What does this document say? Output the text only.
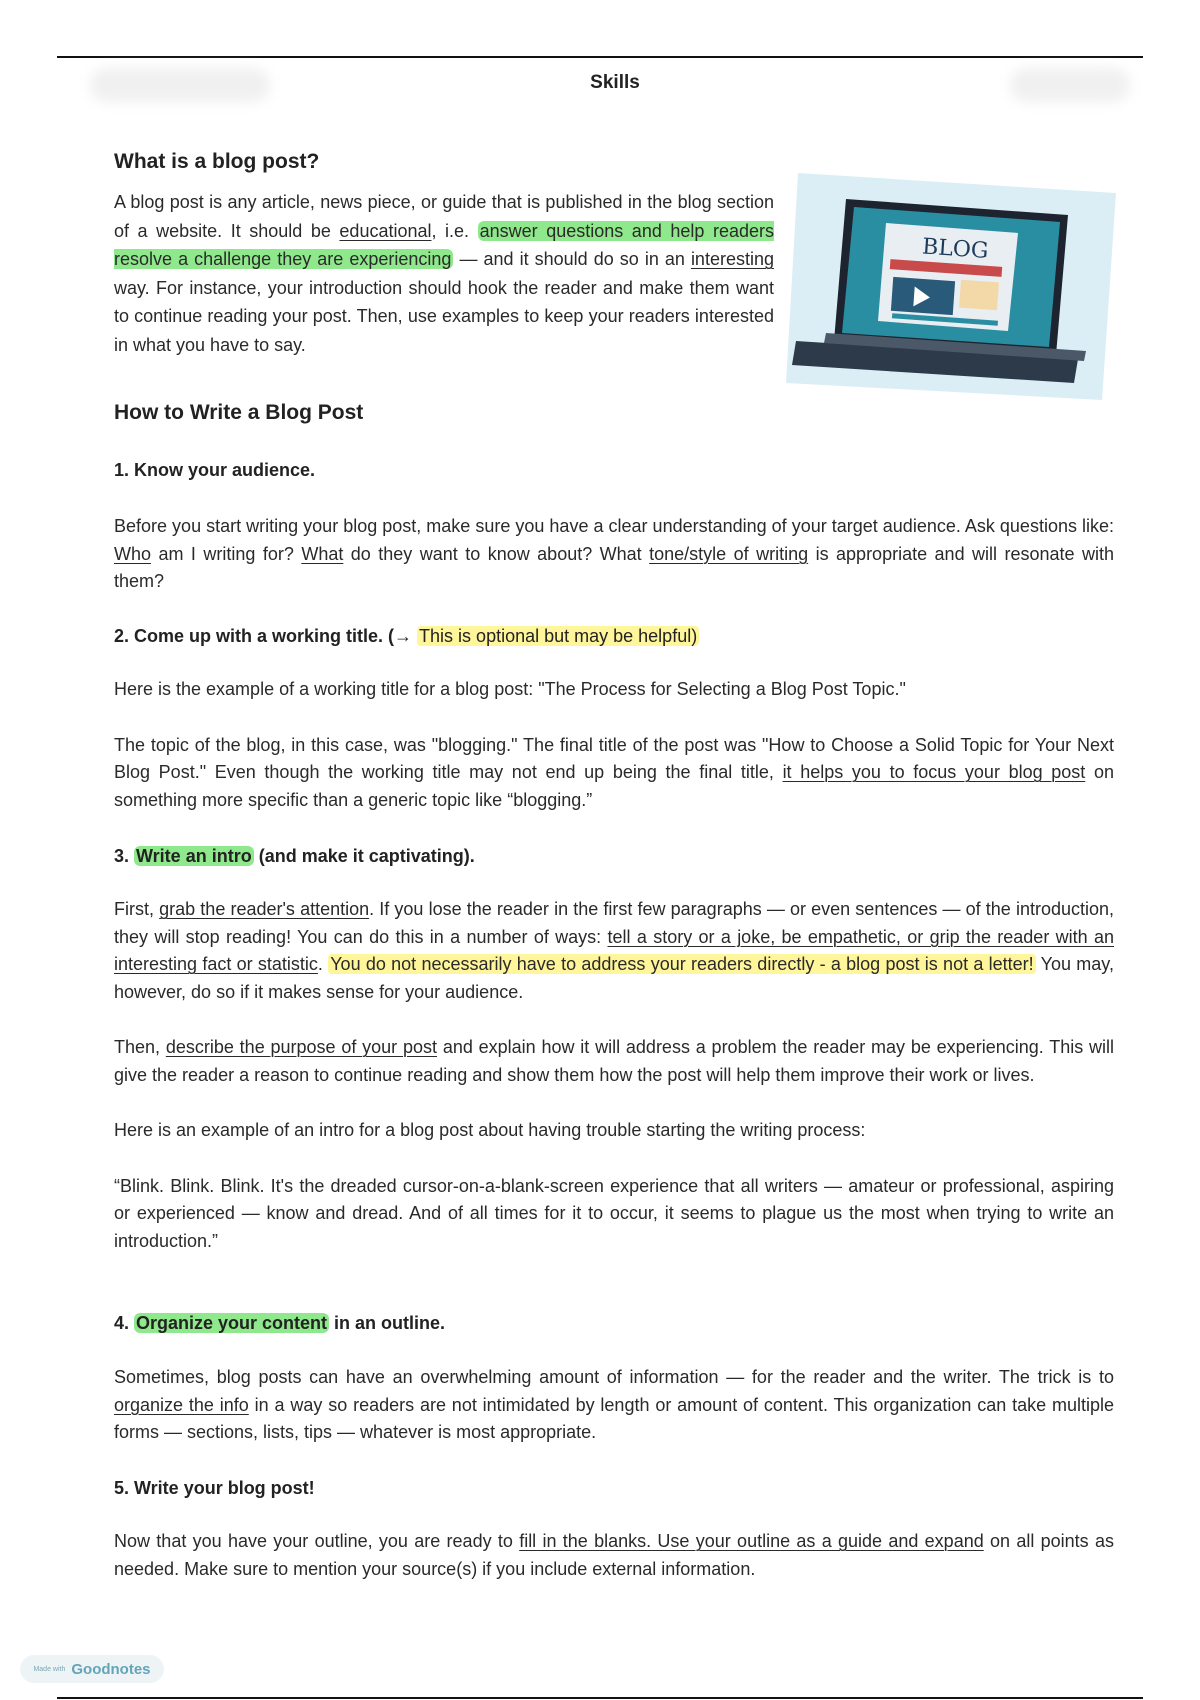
Skills
What is a blog post?

A blog post is any article, news piece, or guide that is published in the blog section of a website. It should be educational, i.e. answer questions and help readers resolve a challenge they are experiencing — and it should do so in an interesting way. For instance, your introduction should hook the reader and make them want to continue reading your post. Then, use examples to keep your readers interested in what you have to say.

BLOG
How to Write a Blog Post
1. Know your audience.

Before you start writing your blog post, make sure you have a clear understanding of your target audience. Ask questions like: Who am I writing for? What do they want to know about? What tone/style of writing is appropriate and will resonate with them?

2. Come up with a working title. (→ This is optional but may be helpful)

Here is the example of a working title for a blog post: "The Process for Selecting a Blog Post Topic."

The topic of the blog, in this case, was "blogging." The final title of the post was "How to Choose a Solid Topic for Your Next Blog Post." Even though the working title may not end up being the final title, it helps you to focus your blog post on something more specific than a generic topic like “blogging.”

3. Write an intro (and make it captivating).

First, grab the reader's attention. If you lose the reader in the first few paragraphs — or even sentences — of the introduction, they will stop reading! You can do this in a number of ways: tell a story or a joke, be empathetic, or grip the reader with an interesting fact or statistic. You do not necessarily have to address your readers directly - a blog post is not a letter! You may, however, do so if it makes sense for your audience.

Then, describe the purpose of your post and explain how it will address a problem the reader may be experiencing. This will give the reader a reason to continue reading and show them how the post will help them improve their work or lives.

Here is an example of an intro for a blog post about having trouble starting the writing process:

“Blink. Blink. Blink. It's the dreaded cursor-on-a-blank-screen experience that all writers — amateur or professional, aspiring or experienced — know and dread. And of all times for it to occur, it seems to plague us the most when trying to write an introduction.”

4. Organize your content in an outline.

Sometimes, blog posts can have an overwhelming amount of information — for the reader and the writer. The trick is to organize the info in a way so readers are not intimidated by length or amount of content. This organization can take multiple forms — sections, lists, tips — whatever is most appropriate.

5. Write your blog post!

Now that you have your outline, you are ready to fill in the blanks. Use your outline as a guide and expand on all points as needed. Make sure to mention your source(s) if you include external information.

Made with Goodnotes
